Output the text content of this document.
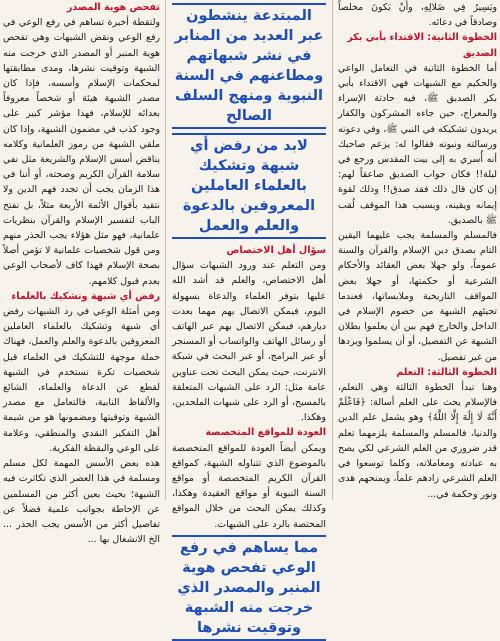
ويَسِيرُ فِي ضَلالِهِ، وأنْ يَكونَ مخلصاً وصادقاً في دعائه.

الخطوة الثانية: الاقتداء بأبي بكر الصديق

أما الخطوة الثانية في التعامل الواعي والحكيم مع الشبهات فهي الاقتداء بأبي بكر الصديق ﷺ، فيه حادثة الإسراء والمعراج، حين جاءه المشركون والكفار يريدون تشكيكه في النبي ﷺ، وفي دعوته ورسالته ونبوته فقالوا له: يزعم صاحبك أنه أُسري به إلى بيت المقدس ورجع في ليلة!! فكان جواب الصديق صاعقاً لهم: إن كان قال ذلك فقد صدق!! وذلك لقوة إيمانه ويقينه، وبسبب هذا الموقف لُقب ﷺ بالصديق.

فالمسلم والمسلمة يجب عليهما اليقين التام بصدق دين الإسلام والقرآن والسنة عموماً، ولو جهلا بعض العقائد والأحكام الشرعية أو حكمتها، أو جهلا بعض المواقف التاريخية وملابساتها، فعندما تجيئهم الشبهة من خصوم الإسلام في الداخل والخارج فهم بين أن يعلموا بطلان الشبهة عن التفصيل، أو أن يسلموا ويردها من غير تفصيل.

الخطوة الثالثة: التعلم

وهنا تبدأ الخطوة الثالثة وهي التعلم، فالإسلام يحث على العلم أسالة: ﴿فَاعْلَمْ أَنَّهُ لَا إِلَٰهَ إِلَّا اللَّهُ﴾ وهو يشمل علم الدين والدنيا، فالمسلم والمسلمة يلزمهما تعلم قدر ضروري من العلم الشرعي لكي يصح به عبادته ومعاملاته، وكلما توسعوا في العلم الشرعي زادهم علماً، ويمنحهم هدى ونور وحكمة في...

المبتدعة ينشطون عبر العديد من المنابر في نشر شبهاتهم ومطاعنهم في السنة النبوية ومنهج السلف الصالح
لابد من رفض أي شبهة وتشكيك بالعلماء العاملين المعروفين بالدعوة والعلم والعمل
سؤال أهل الاختصاص

ومن التعلم عند ورود الشبهات سؤال أهل الاختصاص، والعلم قد أشد الله عليها بتوفر العلماء والدعاة بسهولة اليوم، فيمكن الاتصال بهم مهما بعدت ديارهم، فيمكن الاتصال بهم عبر الهاتف أو رسائل الهاتف والواتساب أو المسنجر أو عبر البرامج، أو عبر البحث في شبكة الانترنت، حيث يمكن البحث تحت عناوين عامة مثل: الرد على الشبهات المتعلقة بالمسيح، أو الرد على شبهات الملحدين، وهكذا.

العودة للمواقع المتخصصة

ويمكن أيضاً العودة للمواقع المتخصصة بالموضوع الذي تتناوله الشبهة، كمواقع القرآن الكريم المتخصصة أو مواقع السنة النبوية أو مواقع العقيدة وهكذا، وكذلك يمكن البحث من خلال المواقع المختصة بالرد على الشبهات.

مما يساهم في رفع الوعي تفحص هوية المنبر والمصدر الذي خرجت منه الشبهة وتوقيت نشرها
تفحص هوية المصدر

ولتقطة أخيرة تساهم في رفع الوعي في رفع الوعي ونقض الشبهات وهي تفحص هوية المنبر أو المصدر الذي خرجت منه الشبهة وتوقيت نشرها، ومدى مطابقتها لمحكمات الإسلام وأسسه، فإذا كان مصدر الشبهة هيئة أو شخصاً معروفاً بعدائه للإسلام، فهذا مؤشر كبير على وجود كذب في مضمون الشبهة، وإذا كان ملقي الشبهة من رموز العلمانية وكلامه يناقض أسس الإسلام والشريعة مثل نفي سلامة القرآن الكريم وصحته، أو أننا في هذا الزمان يجب أن تجدد فهم الدين ولا نتقيد بأقوال الأئمة الأربعة مثلاً، بل نفتح الباب لتفسير الإسلام والقرآن بنظريات علمانية، فهو مثل هؤلاء يجب الحذر منهم ومن قول شخصيات علمانية لا تؤمن أصلاً بصحة الإسلام فهذا كاف لأصحاب الوعي بعدم قبول كلامهم.

رفض أي شبهة وتشكيك بالعلماء

ومن أمثلة الوعي في رد الشبهات رفض أي شبهة وتشكيك بالعلماء العاملين المعروفين بالدعوة والعلم والعمل، فهناك حملة موجهة للتشكيك في العلماء قبل شخصيات تكرة تستخدم في الشبهة لقطع عن الدعاة والعلماء، الشائع والألفاظ النابية، فالتعامل مع مصدر الشبهة وتوقيتها ومضمونها هو من شيمة أهل التفكير النقدي والمنطقي، وعلامة على الوعي والبقظة الفكرية.

هذه بعض الأسس المهمة لكل مسلم ومسلمة في هذا العصر الذي تكاثرت فيه الشبهة؛ بحيث يعين أكثر من المسلمين عن الإحاطة بجوانب علمية فضلاً عن تفاصيل أكثر من الأسس يجب الحذر ... الخ الانشغال بها ...
